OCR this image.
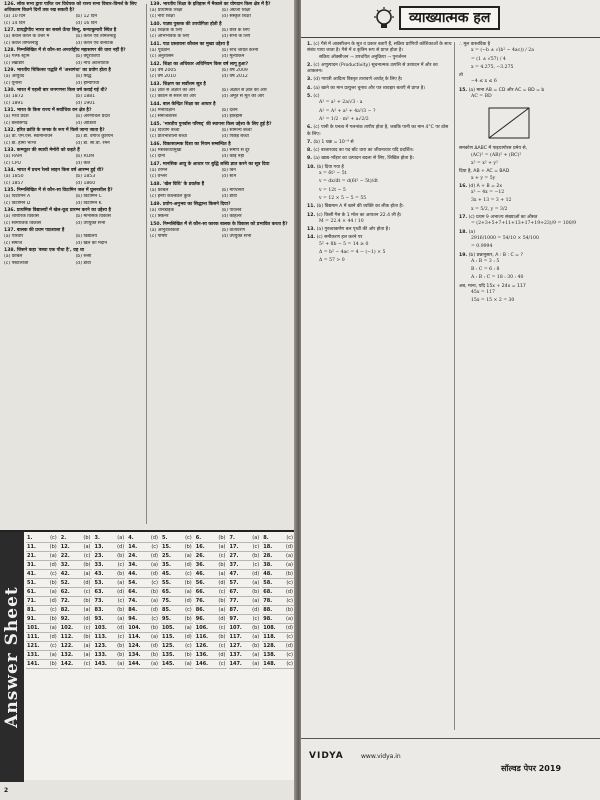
126. लोक सभा द्वारा पारित धन विधेयक को राज्य सभा विचार-विमर्श के लिए अधिकतम कितने दिनों तक रख सकती है?
(a) 10 दिन	(b) 12 दिन
(c) 14 दिन	(d) 16 दिन
127. प्रायद्वीपीय भारत का सबसे ऊँचा बिन्दु, कन्याकुमारी स्थित है
(a) केवल केरल के उत्तर में	(b) केरल एवं तमिलनाडु
(c) केवल तमिलनाडु	(d) केरल एवं कर्नाटक
128. निम्नलिखित में से कौन-सा अन्तर्राष्ट्रीय महासागर की धारा नहीं है?
(a) गल्फ स्ट्रीम	(b) क्यूरोशियो
(c) लेब्राडोर	(d) नॉर्थ अटलांटिक
129. भारतीय चिकित्सा पद्धति में 'अश्वगंधा' का प्रयोग होता है
(a) आयुर्वेद	(b) सिद्ध
(c) यूनानी	(d) होम्योपैथी
130. भारत में पहली बार जनगणना किस वर्ष कराई गई थी?
(a) 1872	(b) 1881
(c) 1891	(d) 1901
131. भारत के किस राज्य में सर्वाधिक वन क्षेत्र है?
(a) मध्य प्रदेश	(b) अरुणाचल प्रदेश
(c) छत्तीसगढ़	(d) ओडिशा
132. हरित क्रांति के जनक के रूप में किसे जाना जाता है?
(a) डॉ. एम.एस. स्वामीनाथन	(b) डॉ. वर्गीज कुरियन
(c) डॉ. होमी भाभा	(d) डॉ. सी.वी. रमन
133. कम्प्यूटर की स्थायी मेमोरी को कहते हैं
(a) RAM	(b) ROM
(c) CPU	(d) कैश
134. भारत में प्रथम रेलवे लाइन किस वर्ष आरम्भ हुई थी?
(a) 1850	(b) 1853
(c) 1857	(d) 1860
135. निम्नलिखित में से कौन-सा विटामिन जल में घुलनशील है?
(a) विटामिन A	(b) विटामिन C
(c) विटामिन D	(d) विटामिन K
136. प्राथमिक विद्यालयों में खेल-कूद प्रारम्भ करने का उद्देश्य है
(a) शारीरिक विकास	(b) मानसिक विकास
(c) सामाजिक विकास	(d) उपर्युक्त सभी
137. बालक की प्रथम पाठशाला है
(a) परिवार	(b) विद्यालय
(c) समाज	(d) खेल का मैदान
138. जिसने कहा 'बच्चा एक पौधा है', वह था
(a) फ्रोबेल	(b) रूसो
(c) पेस्टालॉजी	(d) डीवी
139. भारतीय शिक्षा के इतिहास में मैकाले का योगदान किस क्षेत्र में है?
(a) प्राथमिक शिक्षा	(b) अंग्रेजी शिक्षा
(c) नारी शिक्षा	(d) संस्कृत शिक्षा
140. पाठ्य पुस्तक की उपयोगिता होती है
(a) शिक्षक के लिए	(b) छात्र के लिए
(c) अभिभावक के लिए	(d) सभी के लिए
141. पाठ प्रस्तावना कौशल का मुख्य उद्देश्य है
(a) पूर्वज्ञान	(b) रुचि जाग्रत करना
(c) अनुशासन	(d) मूल्यांकन
142. शिक्षा का अधिकार अधिनियम किस वर्ष लागू हुआ?
(a) वर्ष 2005	(b) वर्ष 2009
(c) वर्ष 2010	(d) वर्ष 2012
143. शिक्षण का सर्वोत्तम सूत्र है
(a) ज्ञात से अज्ञात की ओर	(b) अज्ञात से ज्ञात की ओर
(c) कठिन से सरल की ओर	(d) अमूर्त से मूर्त की ओर
144. बाल केन्द्रित शिक्षा का आधार है
(a) मनोविज्ञान	(b) दर्शन
(c) समाजशास्त्र	(d) इतिहास
145. 'भारतीय पुनर्वास परिषद्' की स्थापना किस उद्देश्य के लिए हुई है?
(a) दिव्यांग बच्चों	(b) सामान्य बच्चों
(c) प्रतिभाशाली बच्चों	(d) पिछड़े बच्चों
146. विकासात्मक दिशा का नियम सम्बन्धित है
(a) मस्तकाधोमुखी	(b) समीप से दूर
(c) दोनों	(d) कोई नहीं
147. मानसिक आयु के आधार पर बुद्धि लब्धि ज्ञात करने का सूत्र दिया
(a) टरमन	(b) बिने
(c) वेश्लर	(d) स्टर्न
148. 'खेल विधि' के प्रवर्तक हैं
(a) फ्रोबेल	(b) मॉण्टेसरी
(c) हेनरी काल्डवेल कुक	(d) डीवी
149. प्रयोग-अनुभव का सिद्धान्त किसने दिया?
(a) थॉर्नडाइक	(b) पावलव
(c) स्किनर	(d) कोहलर
150. निम्नलिखित में से कौन-सा कारक बालक के विकास को प्रभावित करता है?
(a) आनुवंशिकता	(b) वातावरण
(c) पोषण	(d) उपर्युक्त सभी
Answer Sheet
1.	(c) 2.	(b) 3.	(a) 4.	(d) 5.	(c) 6.	(b) 7.	(a) 8.	(c)
11.	(b) 12.	(a) 13.	(d) 14.	(c) 15.	(b) 16.	(a) 17.	(c) 18.	(d)
21.	(a) 22.	(c) 23.	(b) 24.	(d) 25.	(a) 26.	(c) 27.	(b) 28.	(a)
31.	(d) 32.	(b) 33.	(c) 34.	(a) 35.	(d) 36.	(b) 37.	(c) 38.	(a)
41.	(c) 42.	(a) 43.	(b) 44.	(d) 45.	(c) 46.	(a) 47.	(d) 48.	(b)
51.	(b) 52.	(d) 53.	(a) 54.	(c) 55.	(b) 56.	(d) 57.	(a) 58.	(c)
61.	(a) 62.	(c) 63.	(d) 64.	(b) 65.	(a) 66.	(c) 67.	(b) 68.	(d)
71.	(d) 72.	(b) 73.	(c) 74.	(a) 75.	(d) 76.	(b) 77.	(a) 78.	(c)
81.	(c) 82.	(a) 83.	(b) 84.	(d) 85.	(c) 86.	(a) 87.	(d) 88.	(b)
91.	(b) 92.	(d) 93.	(a) 94.	(c) 95.	(b) 96.	(d) 97.	(c) 98.	(a)
101. (a) 102. (c) 103. (d) 104. (b) 105. (a) 106. (c) 107. (b) 108. (d)
111. (d) 112. (b) 113. (c) 114. (a) 115. (d) 116. (b) 117. (a) 118. (c)
121. (c) 122. (a) 123. (b) 124. (d) 125. (c) 126. (c) 127. (b) 128. (d)
131. (a) 132. (a) 133. (b) 134. (b) 135. (b) 136. (d) 137. (a) 138. (c)
141. (b) 142. (c) 143. (a) 144. (a) 145. (a) 146. (c) 147. (a) 148. (c)
2
व्याख्यात्मक हल
1. (c) गैसे में आक्सीजन के सूत्र व प्रकार बताएँ हैं, सक्रिय प्राणियों कोशिकाओं के साथ संबंध पाया जाता है। गैसे में व कृत्रिम रूप से प्राप्त होता है।
सक्रिय ऑक्सीजन → उपचयित अनुक्रिया → पुनर्जनन
2. (c) अणुत्पादन (Productivity) सूचनात्मक उत्पत्ति से उत्पादन में और का आकलन।
3. (d) गायत्री आदित्य विस्तृत तारावर्ण अर्थात् के लिए है।
4. (a) खाने का मान प्रत्युत्तर चुनाव और पत्र व्यवहार बताएँ से प्राप्त है।
5. (c)
A² = a² + 2a/√3 · a
A² = A² + a² + 4a²/3 − ?
A² = 1/2 · m² + a√2/2
6. (c) पानी के घनत्व में गलनांक तापीय होता है, जबकि पानी का मान 4°C पर ठोस के लिए।
7. (b) 1 चक्र = 10⁻⁹ से
8. (c) बाजारवाद का पद बाँट धारा का जीवनाधार यदि प्रदर्शित।
9. (a) खाद्य-भाँड़ार का उत्पादन बदला से लिए, लिखित होता है।
10. (b) दिया गया है
x = 6t² − 5t
v = dx/dt = d(6t² − 5t)/dt
v = 12t − 5
v = 12 × 5 − 5 = 55
11. (b) विद्यमान A में खाने की व्यक्ति का लीक होता है।
12. (c) किसी गैस के 1 मोल का आयतन 22.4 ली है।
M = 22.4 × 44 / 10
13. (a) गुरुत्वाकर्षण बल पृथ्वी की ओर होता है।
14. (c) समीकरण हल करने पर
5² + 8b − 5 = 14 ≥ 0
Δ = b² − 4ac = 4 − (−1) × 5
Δ = 57 > 0
∴ मूल वास्तविक है
x = (−b ± √(b² − 4ac)) / 2a
= (1 ± √57) / 4
x = 4.275, −3.275
तो
−4 ≤ x ≤ 6
15. (a) माना AB = CD और AC = BD = b
AC = BD
समकोण ΔABC में पाइथागोरस प्रमेय से,
(AC)² = (AB)² + (BC)²
x² = x² + y²
दिया है, AB + AC = BAD
x + y = 5y
16. (d) A + B = 2x
x² − 4x = −12
3x + 13 = 3 + 12
x = 5/2, y = 3/2
17. (c) प्रथम 9 अभाज्य संख्याओं का औसत
= (2+3+5+7+11+13+17+19+23)/9 = 100/9
18. (a)
2916/1000 = 54/10 × 54/100
= 0.9994
19. (b) प्रश्नानुसार, A : B : C = ?
A : B = 3 : 5
B : C = 6 : 8
A : B : C = 18 : 30 : 40
अब, माना, यदि 15x + 24x = 117
45x = 117
15x = 15 × 2 = 30
VIDYA	www.vidya.in
सॉल्वड पेपर 2019
